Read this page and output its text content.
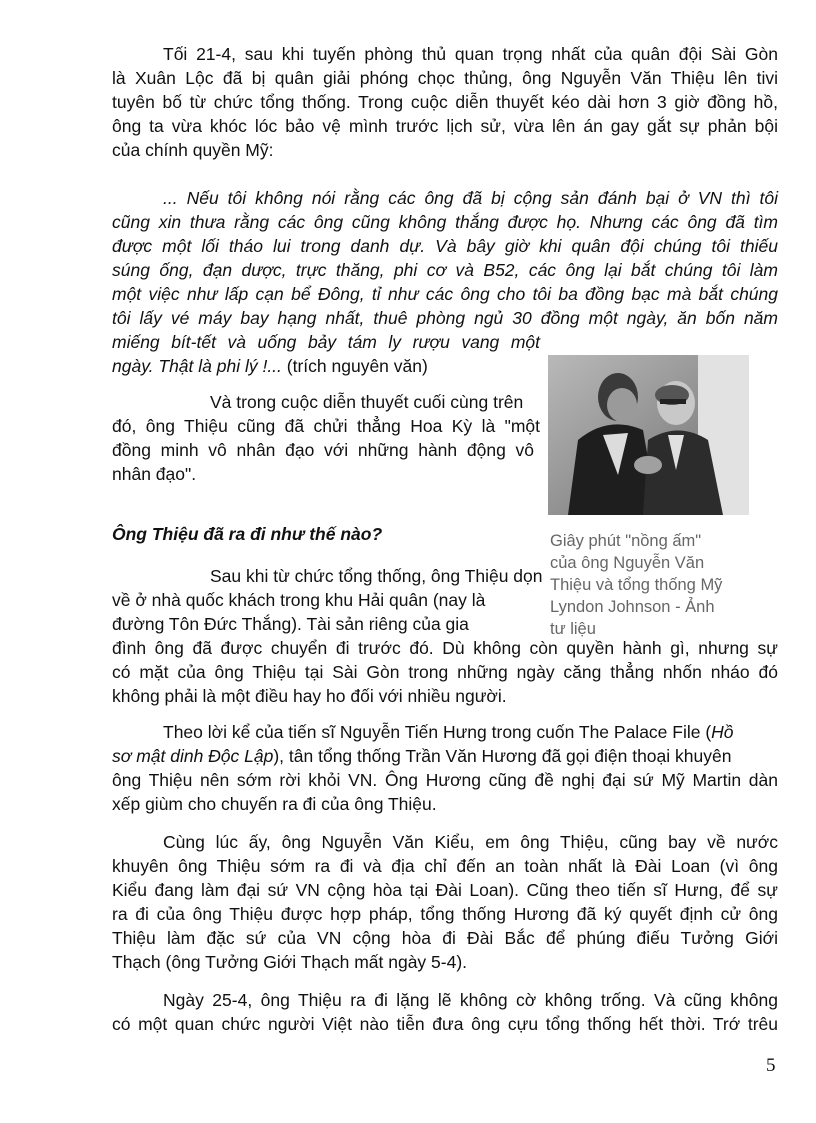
Tối 21-4, sau khi tuyến phòng thủ quan trọng nhất của quân đội Sài Gòn
là Xuân Lộc đã bị quân giải phóng chọc thủng, ông Nguyễn Văn Thiệu lên tivi
tuyên bố từ chức tổng thống. Trong cuộc diễn thuyết kéo dài hơn 3 giờ đồng hồ,
ông ta vừa khóc lóc bảo vệ mình trước lịch sử, vừa lên án gay gắt sự phản bội
của chính quyền Mỹ:
... Nếu tôi không nói rằng các ông đã bị cộng sản đánh bại ở VN thì tôi
cũng xin thưa rằng các ông cũng không thắng được họ. Nhưng các ông đã tìm
được một lối tháo lui trong danh dự. Và bây giờ khi quân đội chúng tôi thiếu
súng ống, đạn dược, trực thăng, phi cơ và B52, các ông lại bắt chúng tôi làm
một việc như lấp cạn bể Đông, tỉ như các ông cho tôi ba đồng bạc mà bắt chúng
tôi lấy vé máy bay hạng nhất, thuê phòng ngủ 30 đồng một ngày, ăn bốn năm
miếng bít-tết và uống bảy tám ly rượu vang một
ngày. Thật là phi lý !... (trích nguyên văn)
Và trong cuộc diễn thuyết cuối cùng trên
đó, ông Thiệu cũng đã chửi thẳng Hoa Kỳ là "một
đồng minh vô nhân đạo với những hành động vô
nhân đạo".
Ông Thiệu đã ra đi như thế nào?	Giây phút "nồng ấm"
của ông Nguyễn Văn
Thiệu và tổng thống Mỹ
Lyndon Johnson - Ảnh
tư liệu
Sau khi từ chức tổng thống, ông Thiệu dọn
về ở nhà quốc khách trong khu Hải quân (nay là
đường Tôn Đức Thắng). Tài sản riêng của gia
đình ông đã được chuyển đi trước đó. Dù không còn quyền hành gì, nhưng sự
có mặt của ông Thiệu tại Sài Gòn trong những ngày căng thẳng nhốn nháo đó
không phải là một điều hay ho đối với nhiều người.
Theo lời kể của tiến sĩ Nguyễn Tiến Hưng trong cuốn The Palace File (Hồ
sơ mật dinh Độc Lập), tân tổng thống Trần Văn Hương đã gọi điện thoại khuyên
ông Thiệu nên sớm rời khỏi VN. Ông Hương cũng đề nghị đại sứ Mỹ Martin dàn
xếp giùm cho chuyến ra đi của ông Thiệu.
Cùng lúc ấy, ông Nguyễn Văn Kiểu, em ông Thiệu, cũng bay về nước
khuyên ông Thiệu sớm ra đi và địa chỉ đến an toàn nhất là Đài Loan (vì ông
Kiểu đang làm đại sứ VN cộng hòa tại Đài Loan). Cũng theo tiến sĩ Hưng, để sự
ra đi của ông Thiệu được hợp pháp, tổng thống Hương đã ký quyết định cử ông
Thiệu làm đặc sứ của VN cộng hòa đi Đài Bắc để phúng điếu Tưởng Giới
Thạch (ông Tưởng Giới Thạch mất ngày 5-4).
Ngày 25-4, ông Thiệu ra đi lặng lẽ không cờ không trống. Và cũng không
có một quan chức người Việt nào tiễn đưa ông cựu tổng thống hết thời. Trớ trêu
5
